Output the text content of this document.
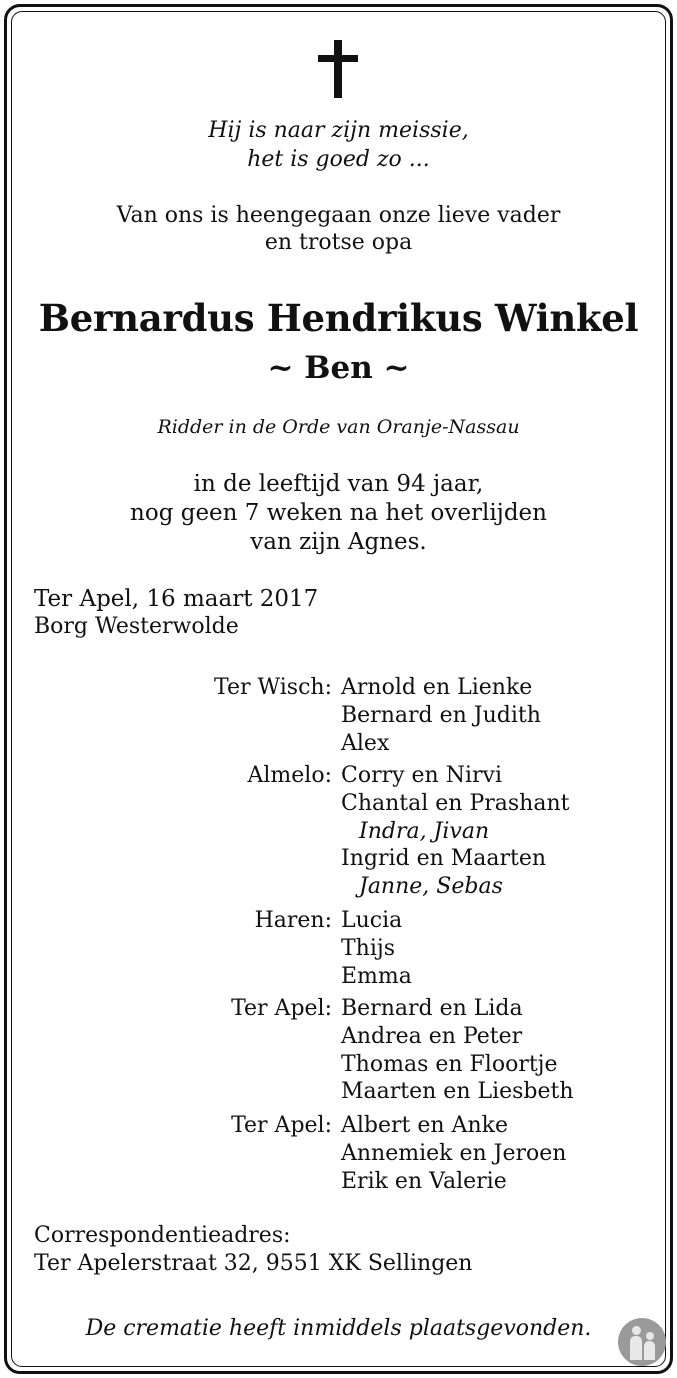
Hij is naar zijn meissie,
het is goed zo ...
Van ons is heengegaan onze lieve vader
en trotse opa
Bernardus Hendrikus Winkel
~ Ben ~
Ridder in de Orde van Oranje-Nassau
in de leeftijd van 94 jaar,
nog geen 7 weken na het overlijden
van zijn Agnes.
Ter Apel, 16 maart 2017
Borg Westerwolde
Ter Wisch: Arnold en Lienke
Bernard en Judith
Alex
Almelo: Corry en Nirvi
Chantal en Prashant
Indra, Jivan
Ingrid en Maarten
Janne, Sebas
Haren: Lucia
Thijs
Emma
Ter Apel: Bernard en Lida
Andrea en Peter
Thomas en Floortje
Maarten en Liesbeth
Ter Apel: Albert en Anke
Annemiek en Jeroen
Erik en Valerie
Correspondentieadres:
Ter Apelerstraat 32, 9551 XK Sellingen
De crematie heeft inmiddels plaatsgevonden.
